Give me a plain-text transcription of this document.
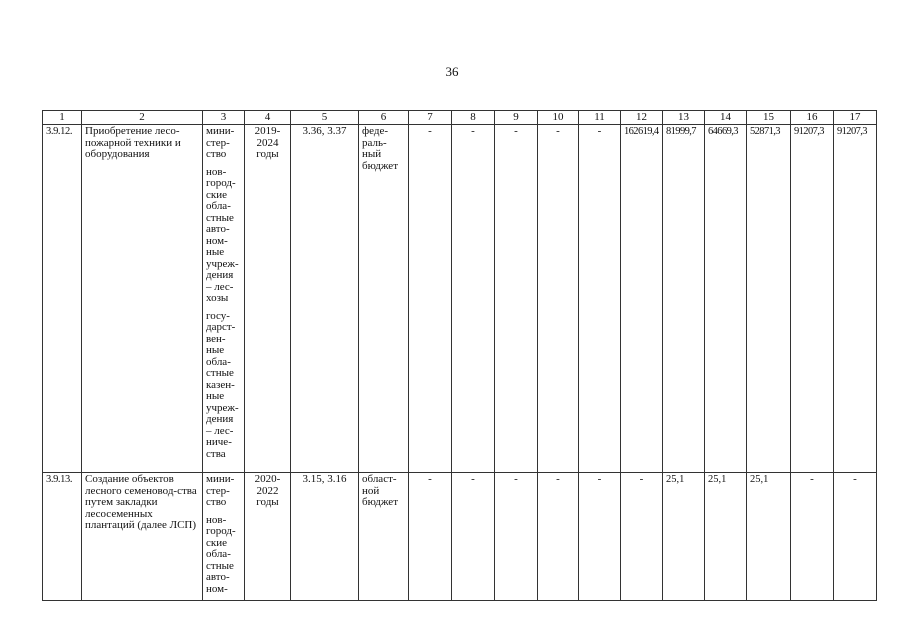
36
1	2	3	4	5	6	7	8	9	10	11	12	13	14	15	16	17
3.9.12.	Приобретение лесо-пожарной техники и оборудования	мини-стер-ство

нов-город-ские обла-стные авто-ном-ные учреж-дения – лес-хозы

госу-дарст-вен-ные обла-стные казен-ные учреж-дения – лес-ниче-ства	2019-2024 годы	3.36, 3.37	феде-раль-ный бюджет	-	-	-	-	-	162619,4	81999,7	64669,3	52871,3	91207,3	91207,3
3.9.13.	Создание объектов лесного семеновод-ства путем закладки лесосеменных плантаций (далее ЛСП)	мини-стер-ство

нов-город-ские обла-стные авто-ном-	2020-2022 годы	3.15, 3.16	област-ной бюджет	-	-	-	-	-	-	25,1	25,1	25,1	-	-
